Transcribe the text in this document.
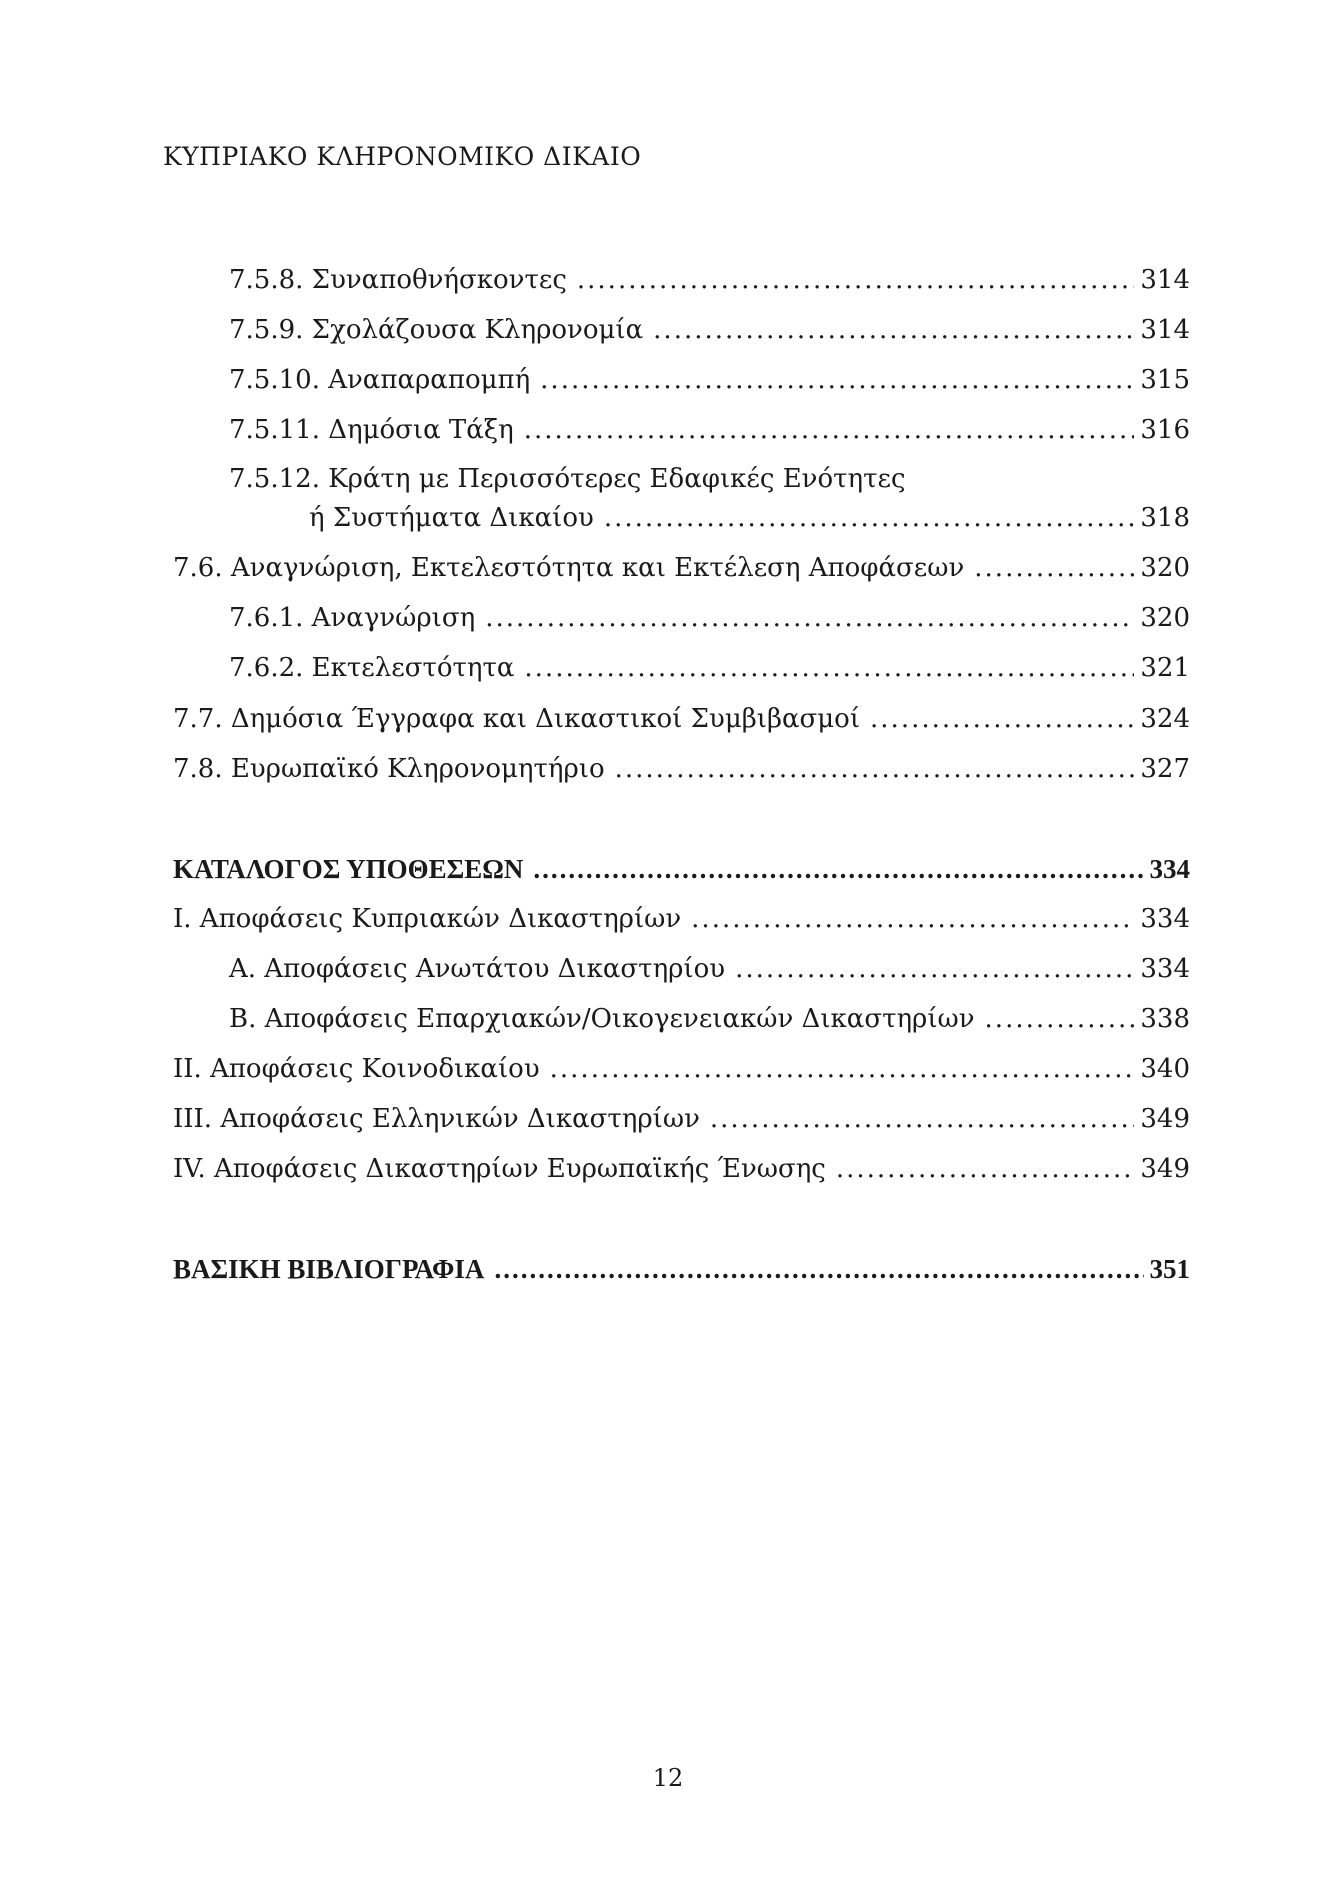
ΚΥΠΡΙΑΚΟ ΚΛΗΡΟΝΟΜΙΚΟ ΔΙΚΑΙΟ
7.5.8. Συναποθνήσκοντες .....	314
7.5.9. Σχολάζουσα Κληρονομία .....	314
7.5.10. Αναπαραπομπή .....	315
7.5.11. Δημόσια Τάξη .....	316
7.5.12. Κράτη με Περισσότερες Εδαφικές Ενότητες
ή Συστήματα Δικαίου .....	318
7.6. Αναγνώριση, Εκτελεστότητα και Εκτέλεση Αποφάσεων .....	320
7.6.1. Αναγνώριση .....	320
7.6.2. Εκτελεστότητα .....	321
7.7. Δημόσια Έγγραφα και Δικαστικοί Συμβιβασμοί .....	324
7.8. Ευρωπαϊκό Κληρονομητήριο .....	327
ΚΑΤΑΛΟΓΟΣ ΥΠΟΘΕΣΕΩΝ .....	334
I. Αποφάσεις Κυπριακών Δικαστηρίων .....	334
Α. Αποφάσεις Ανωτάτου Δικαστηρίου .....	334
Β. Αποφάσεις Επαρχιακών/Οικογενειακών Δικαστηρίων .....	338
II. Αποφάσεις Κοινοδικαίου .....	340
III. Αποφάσεις Ελληνικών Δικαστηρίων .....	349
IV. Αποφάσεις Δικαστηρίων Ευρωπαϊκής Ένωσης .....	349
ΒΑΣΙΚΗ ΒΙΒΛΙΟΓΡΑΦΙΑ .....	351
12
